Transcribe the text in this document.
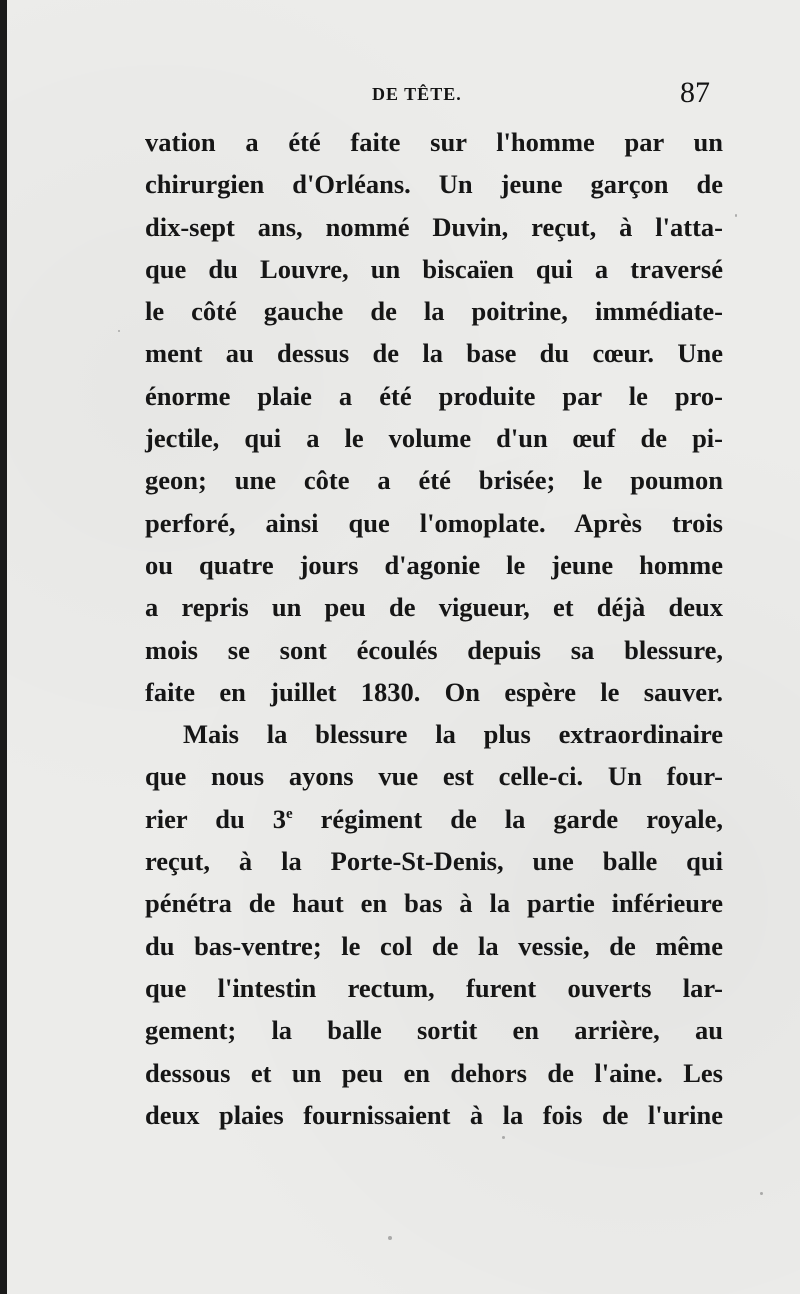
DE TÊTE.	87
vation a été faite sur l'homme par un
chirurgien d'Orléans. Un jeune garçon de
dix-sept ans, nommé Duvin, reçut, à l'atta-
que du Louvre, un biscaïen qui a traversé
le côté gauche de la poitrine, immédiate-
ment au dessus de la base du cœur. Une
énorme plaie a été produite par le pro-
jectile, qui a le volume d'un œuf de pi-
geon; une côte a été brisée; le poumon
perforé, ainsi que l'omoplate. Après trois
ou quatre jours d'agonie le jeune homme
a repris un peu de vigueur, et déjà deux
mois se sont écoulés depuis sa blessure,
faite en juillet 1830. On espère le sauver.
Mais la blessure la plus extraordinaire
que nous ayons vue est celle-ci. Un four-
rier du 3e régiment de la garde royale,
reçut, à la Porte-St-Denis, une balle qui
pénétra de haut en bas à la partie inférieure
du bas-ventre; le col de la vessie, de même
que l'intestin rectum, furent ouverts lar-
gement; la balle sortit en arrière, au
dessous et un peu en dehors de l'aine. Les
deux plaies fournissaient à la fois de l'urine
